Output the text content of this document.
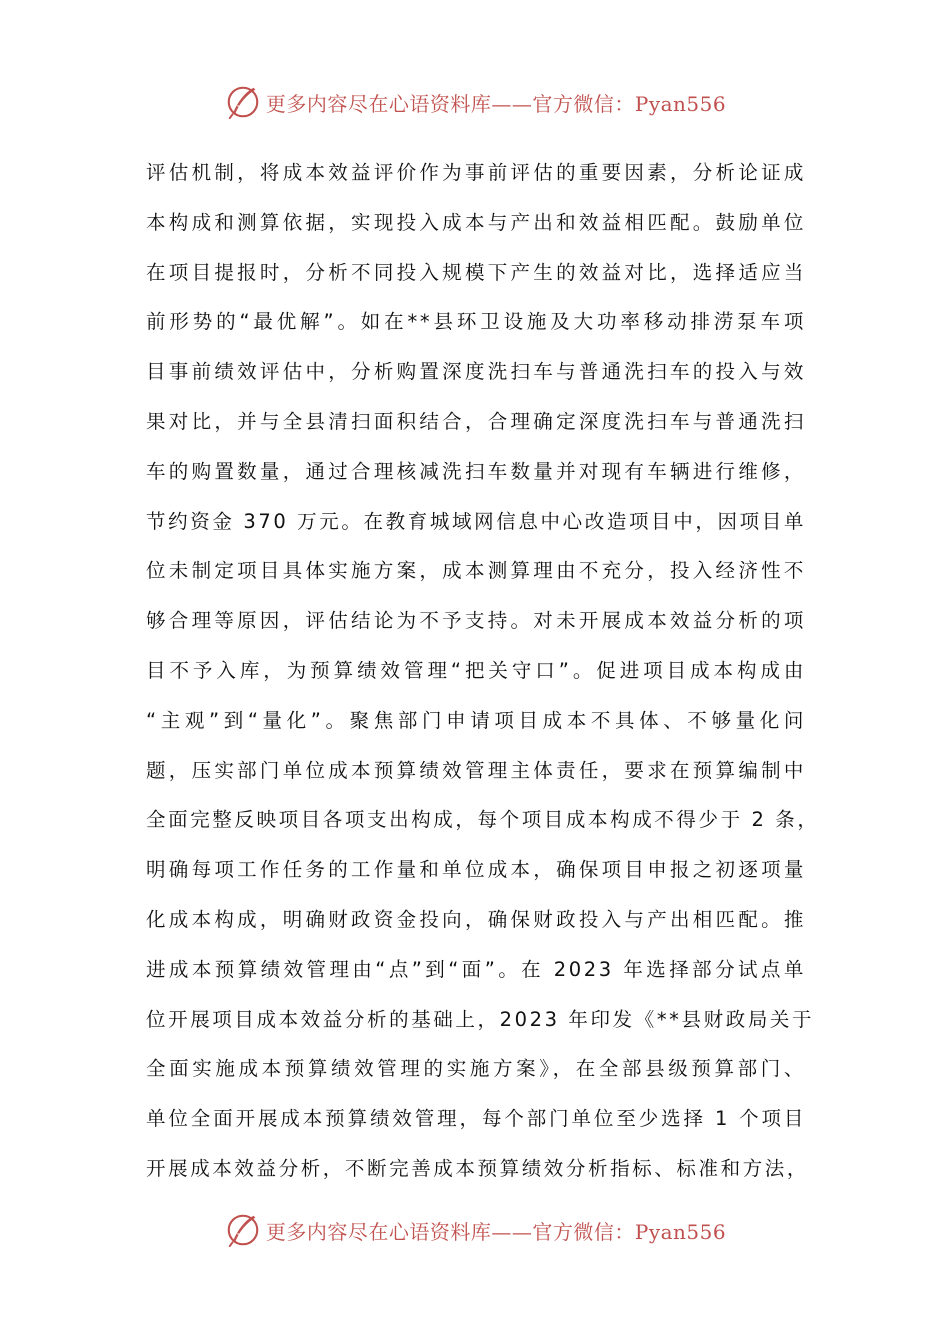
更多内容尽在心语资料库——官方微信：Pyan556
评估机制，将成本效益评价作为事前评估的重要因素，分析论证成
本构成和测算依据，实现投入成本与产出和效益相匹配。鼓励单位
在项目提报时，分析不同投入规模下产生的效益对比，选择适应当
前形势的“最优解”。如在**县环卫设施及大功率移动排涝泵车项
目事前绩效评估中，分析购置深度洗扫车与普通洗扫车的投入与效
果对比，并与全县清扫面积结合，合理确定深度洗扫车与普通洗扫
车的购置数量，通过合理核减洗扫车数量并对现有车辆进行维修，
节约资金 370 万元。在教育城域网信息中心改造项目中，因项目单
位未制定项目具体实施方案，成本测算理由不充分，投入经济性不
够合理等原因，评估结论为不予支持。对未开展成本效益分析的项
目不予入库，为预算绩效管理“把关守口”。促进项目成本构成由
“主观”到“量化”。聚焦部门申请项目成本不具体、不够量化问
题，压实部门单位成本预算绩效管理主体责任，要求在预算编制中
全面完整反映项目各项支出构成，每个项目成本构成不得少于 2 条，
明确每项工作任务的工作量和单位成本，确保项目申报之初逐项量
化成本构成，明确财政资金投向，确保财政投入与产出相匹配。推
进成本预算绩效管理由“点”到“面”。在 2023 年选择部分试点单
位开展项目成本效益分析的基础上，2023 年印发《**县财政局关于
全面实施成本预算绩效管理的实施方案》，在全部县级预算部门、
单位全面开展成本预算绩效管理，每个部门单位至少选择 1 个项目
开展成本效益分析，不断完善成本预算绩效分析指标、标准和方法，
更多内容尽在心语资料库——官方微信：Pyan556
